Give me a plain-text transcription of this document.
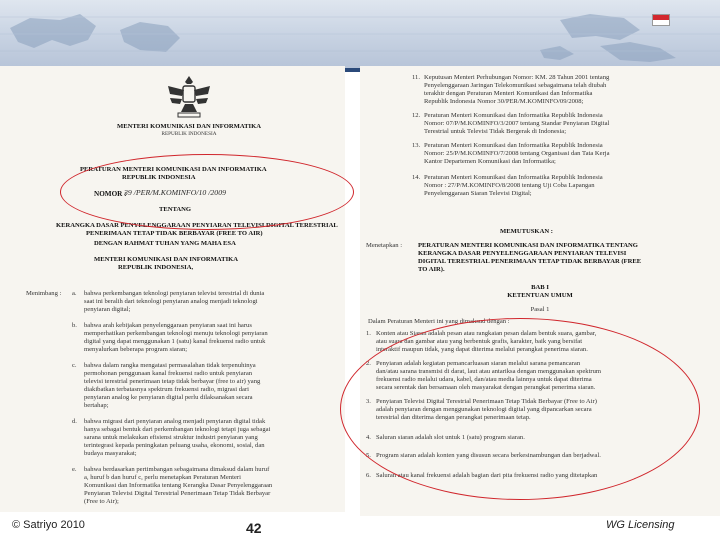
MENTERI KOMUNIKASI DAN INFORMATIKA
REPUBLIK INDONESIA
PERATURAN MENTERI KOMUNIKASI DAN INFORMATIKA
REPUBLIK INDONESIA
NOMOR :
39 /PER/M.KOMINFO/10 /2009
TENTANG
KERANGKA DASAR PENYELENGGARAAN PENYIARAN TELEVISI DIGITAL TERESTRIAL
PENERIMAAN TETAP TIDAK BERBAYAR (FREE TO AIR)
DENGAN RAHMAT TUHAN YANG MAHA ESA
MENTERI KOMUNIKASI DAN INFORMATIKA
REPUBLIK INDONESIA,
Menimbang : a. bahwa perkembangan teknologi penyiaran televisi terestrial di dunia
saat ini beralih dari teknologi penyiaran analog menjadi teknologi
penyiaran digital;
b. bahwa arah kebijakan penyelenggaraan penyiaran saat ini harus
memperhatikan perkembangan teknologi menuju teknologi penyiaran
digital yang dapat menggunakan 1 (satu) kanal frekuensi radio untuk
menyalurkan beberapa program siaran;
c. bahwa dalam rangka mengatasi permasalahan tidak terpenuhinya
permohonan penggunaan kanal frekuensi radio untuk penyiaran
televisi terestrial penerimaan tetap tidak berbayar (free to air) yang
diakibatkan terbatasnya spektrum frekuensi radio, migrasi dari
penyiaran analog ke penyiaran digital perlu dilaksanakan secara
bertahap;
d. bahwa migrasi dari penyiaran analog menjadi penyiaran digital tidak
hanya sebagai bentuk dari perkembangan teknologi tetapi juga sebagai
sarana untuk melakukan efisiensi struktur industri penyiaran yang
terintegrasi kepada peningkatan peluang usaha, ekonomi, sosial, dan
budaya masyarakat;
e. bahwa berdasarkan pertimbangan sebagaimana dimaksud dalam huruf
a, huruf b dan huruf c, perlu menetapkan Peraturan Menteri
Komunikasi dan Informatika tentang Kerangka Dasar Penyelenggaraan
Penyiaran Televisi Digital Terestrial Penerimaan Tetap Tidak Berbayar
(Free to Air);
11. Keputusan Menteri Perhubungan Nomor: KM. 28 Tahun 2001 tentang
Penyelenggaraan Jaringan Telekomunikasi sebagaimana telah diubah
terakhir dengan Peraturan Menteri Komunikasi dan Informatika
Republik Indonesia Nomor 30/PER/M.KOMINFO/09/2008;
12. Peraturan Menteri Komunikasi dan Informatika Republik Indonesia
Nomor: 07/P/M.KOMINFO/3/2007 tentang Standar Penyiaran Digital
Terestrial untuk Televisi Tidak Bergerak di Indonesia;
13. Peraturan Menteri Komunikasi dan Informatika Republik Indonesia
Nomor: 25/P/M.KOMINFO/7/2008 tentang Organisasi dan Tata Kerja
Kantor Departemen Komunikasi dan Informatika;
14. Peraturan Menteri Komunikasi dan Informatika Republik Indonesia
Nomor : 27/P/M.KOMINFO/8/2008 tentang Uji Coba Lapangan
Penyelenggaraan Siaran Televisi Digital;
MEMUTUSKAN :
Menetapkan : PERATURAN MENTERI KOMUNIKASI DAN INFORMATIKA TENTANG
KERANGKA DASAR PENYELENGGARAAN PENYIARAN TELEVISI
DIGITAL TERESTRIAL PENERIMAAN TETAP TIDAK BERBAYAR (FREE
TO AIR).
BAB I
KETENTUAN UMUM
Pasal 1
Dalam Peraturan Menteri ini yang dimaksud dengan :
1. Konten atau Siaran adalah pesan atau rangkaian pesan dalam bentuk suara, gambar,
atau suara dan gambar atau yang berbentuk grafis, karakter, baik yang bersifat
interaktif maupun tidak, yang dapat diterima melalui perangkat penerima siaran.
2. Penyiaran adalah kegiatan pemancarluasan siaran melalui sarana pemancaran
dan/atau sarana transmisi di darat, laut atau antariksa dengan menggunakan spektrum
frekuensi radio melalui udara, kabel, dan/atau media lainnya untuk dapat diterima
secara serentak dan bersamaan oleh masyarakat dengan perangkat penerima siaran.
3. Penyiaran Televisi Digital Terestrial Penerimaan Tetap Tidak Berbayar (Free to Air)
adalah penyiaran dengan menggunakan teknologi digital yang dipancarkan secara
terestrial dan diterima dengan perangkat penerimaan tetap.
4. Saluran siaran adalah slot untuk 1 (satu) program siaran.
5. Program siaran adalah konten yang disusun secara berkesinambungan dan berjadwal.
6. Saluran atau kanal frekuensi adalah bagian dari pita frekuensi radio yang ditetapkan
© Satriyo 2010	42	WG Licensing
